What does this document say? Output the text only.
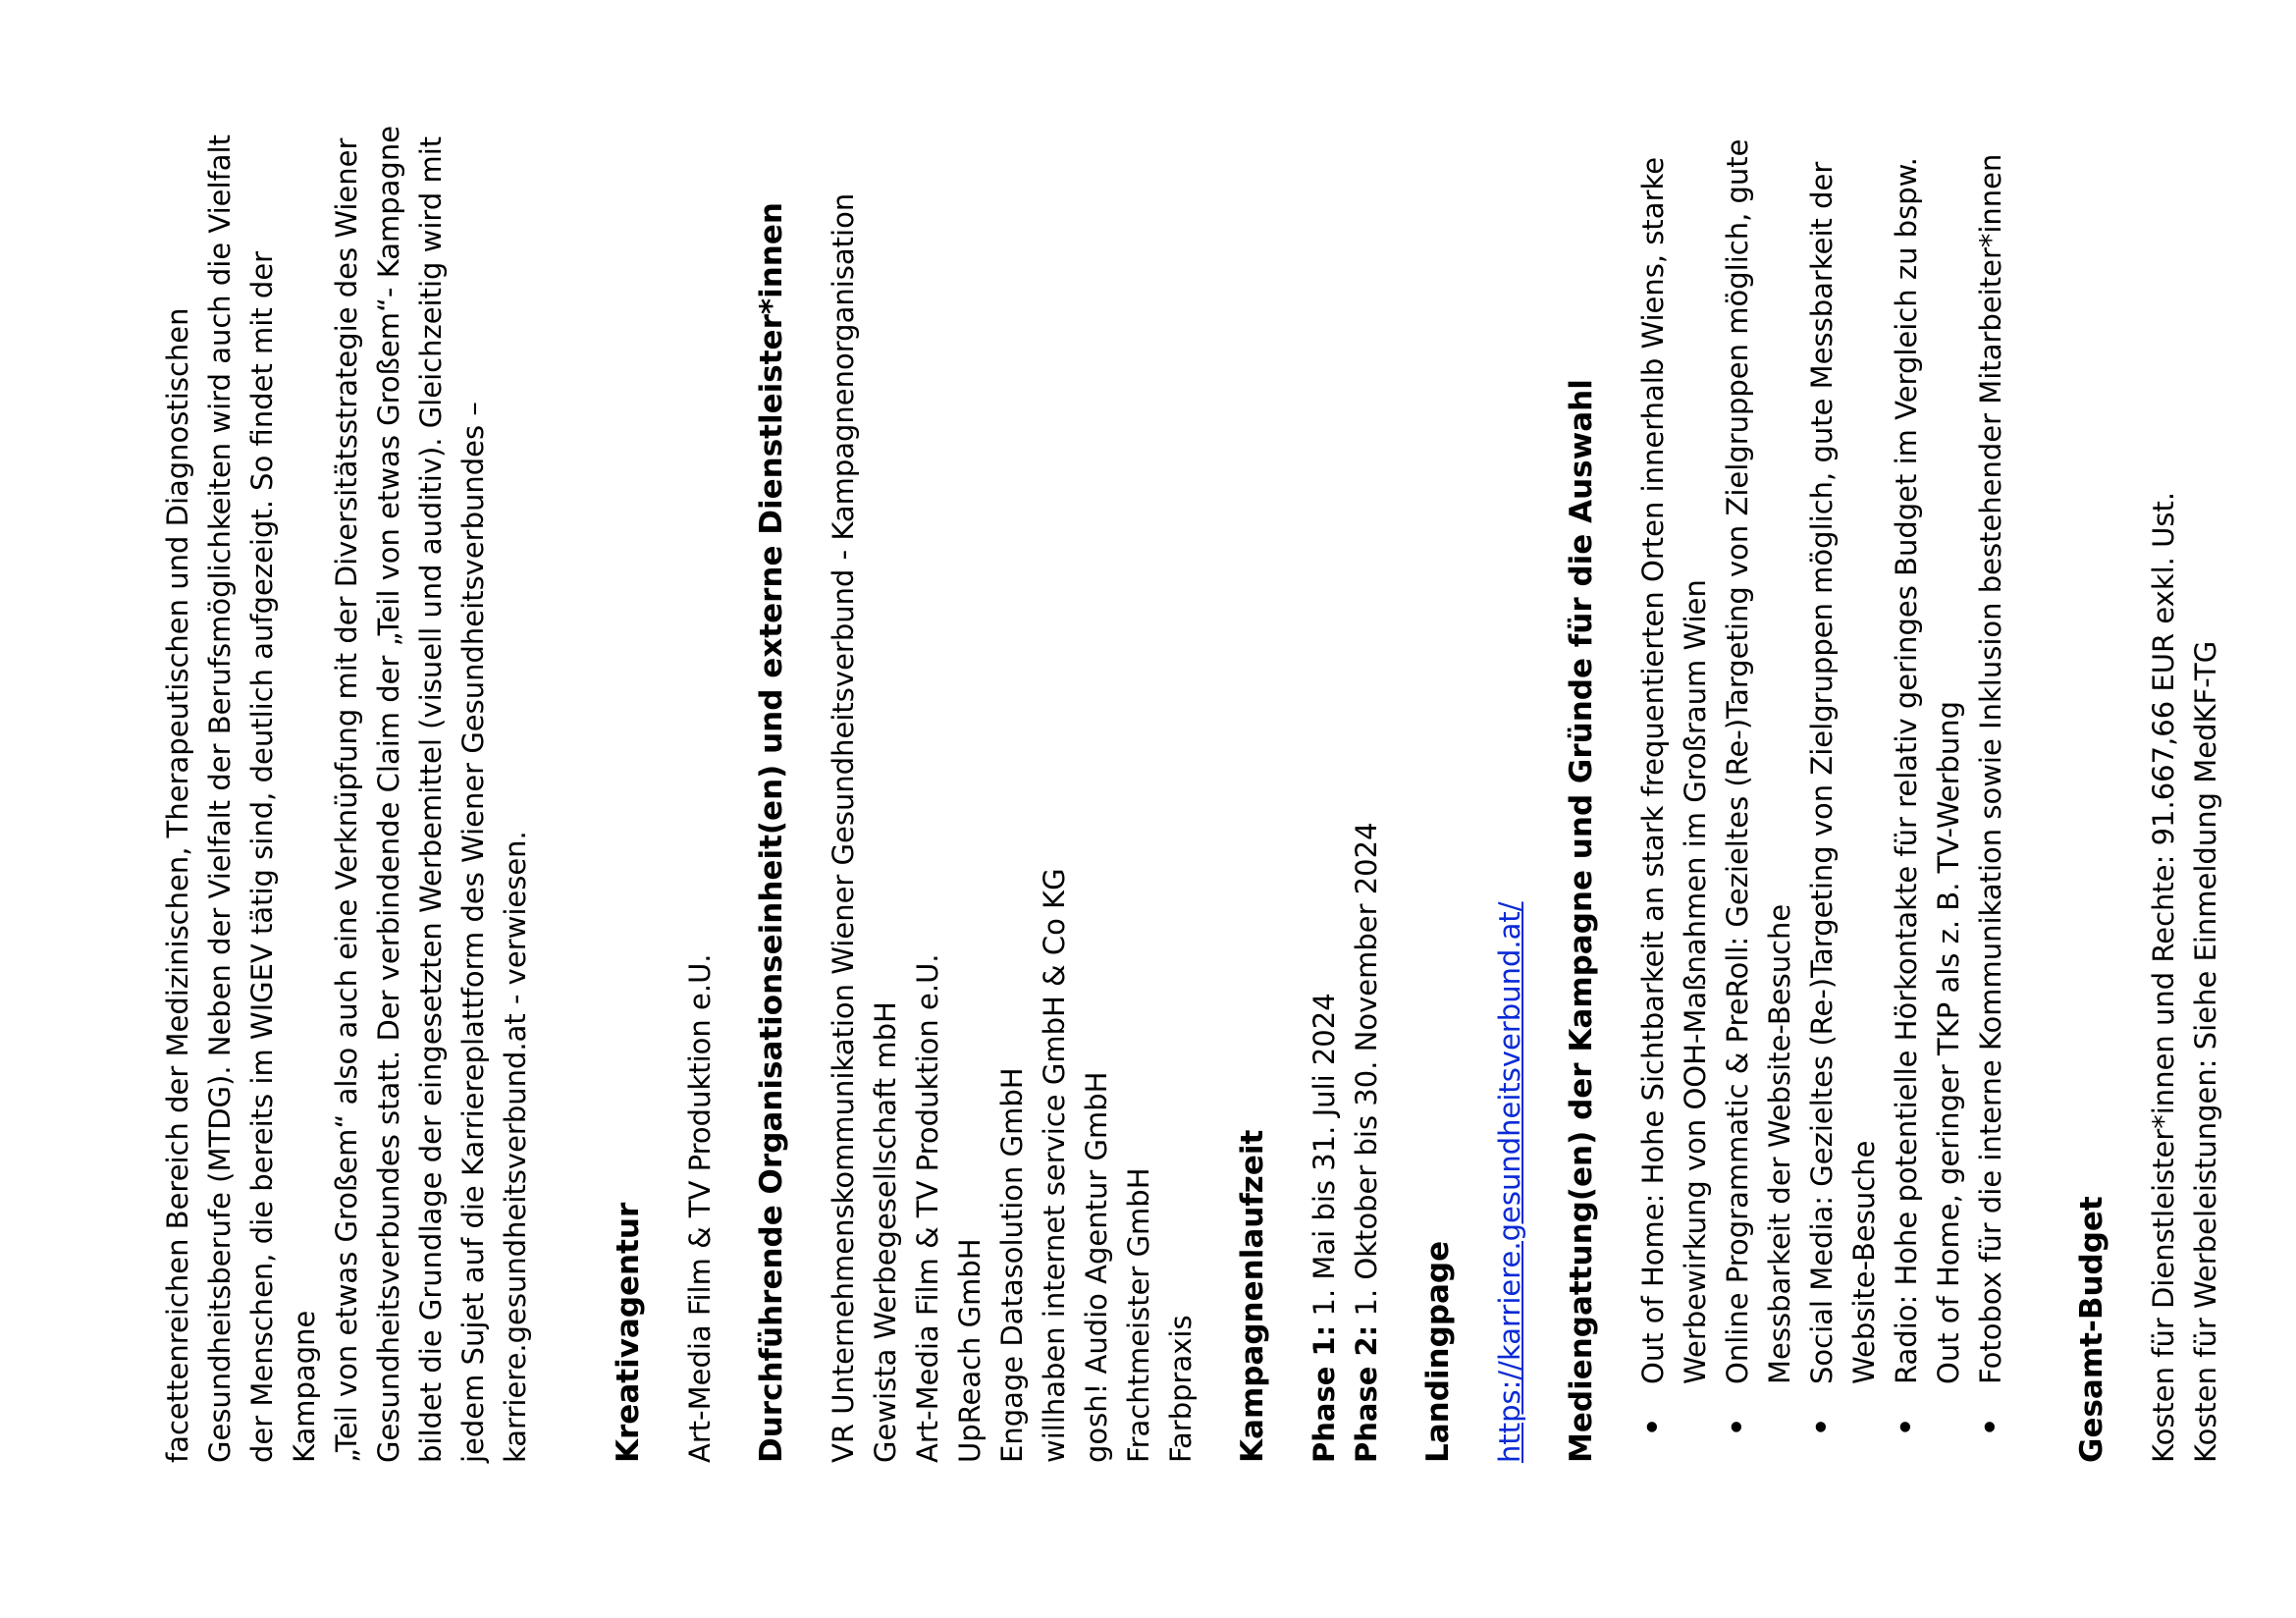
facettenreichen Bereich der Medizinischen, Therapeutischen und Diagnostischen Gesundheitsberufe (MTDG). Neben der Vielfalt der Berufsmöglichkeiten wird auch die Vielfalt der Menschen, die bereits im WIGEV tätig sind, deutlich aufgezeigt. So findet mit der Kampagne „Teil von etwas Großem“ also auch eine Verknüpfung mit der Diversitätsstrategie des Wiener Gesundheitsverbundes statt. Der verbindende Claim der „Teil von etwas Großem“- Kampagne bildet die Grundlage der eingesetzten Werbemittel (visuell und auditiv). Gleichzeitig wird mit jedem Sujet auf die Karriereplattform des Wiener Gesundheitsverbundes – karriere.gesundheitsverbund.at - verwiesen.	Kreativagentur Art-Media Film & TV Produktion e.U. Durchführende Organisationseinheit(en) und externe Dienstleister*innen VR Unternehmenskommunikation Wiener Gesundheitsverbund - Kampagnenorganisation Gewista Werbegesellschaft mbH Art-Media Film & TV Produktion e.U. UpReach GmbH Engage Datasolution GmbH willhaben internet service GmbH & Co KG gosh! Audio Agentur GmbH Frachtmeister GmbH Farbpraxis Kampagnenlaufzeit Phase 1: 1. Mai bis 31. Juli 2024

Phase 2: 1. Oktober bis 30. November 2024

Landingpage https://karriere.gesundheitsverbund.at/ Mediengattung(en) der Kampagne und Gründe für die Auswahl • Out of Home: Hohe Sichtbarkeit an stark frequentierten Orten innerhalb Wiens, starke Werbewirkung von OOH-Maßnahmen im Großraum Wien • Online Programmatic & PreRoll: Gezieltes (Re-)Targeting von Zielgruppen möglich, gute Messbarkeit der Website-Besuche • Social Media: Gezieltes (Re-)Targeting von Zielgruppen möglich, gute Messbarkeit der Website-Besuche • Radio: Hohe potentielle Hörkontakte für relativ geringes Budget im Vergleich zu bspw. Out of Home, geringer TKP als z. B. TV-Werbung • Fotobox für die interne Kommunikation sowie Inklusion bestehender Mitarbeiter*innen Gesamt-Budget Kosten für Dienstleister*innen und Rechte: 91.667,66 EUR exkl. Ust. Kosten für Werbeleistungen: Siehe Einmeldung MedKF-TG
